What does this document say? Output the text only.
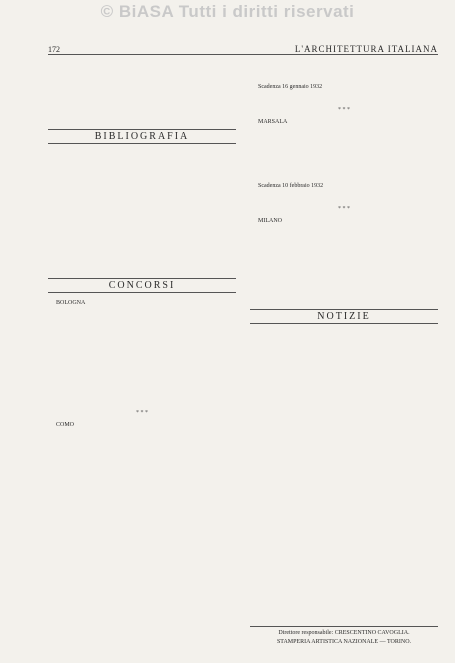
© BiASA Tutti i diritti riservati
172	L'ARCHITETTURA ITALIANA
BIBLIOGRAFIA
CONCORSI
BOLOGNA
* * *
COMO
Scadenza 16 gennaio 1932
* * *
MARSALA
Scadenza 10 febbraio 1932
* * *
MILANO
NOTIZIE
Direttore responsabile: CRESCENTINO CAVOGLIA.
STAMPERIA ARTISTICA NAZIONALE — TORINO.
